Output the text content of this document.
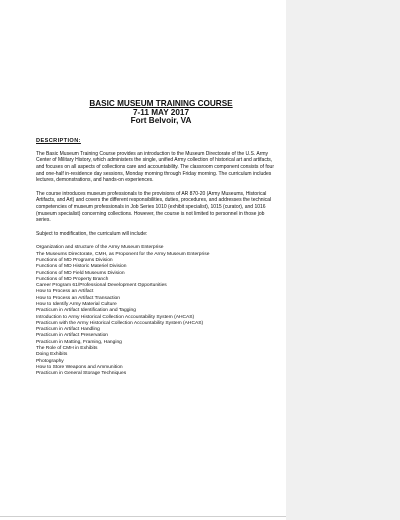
BASIC MUSEUM TRAINING COURSE
7-11 MAY 2017
Fort Belvoir, VA
DESCRIPTION:

The Basic Museum Training Course provides an introduction to the Museum Directorate of the U.S. Army Center of Military History, which administers the single, unified Army collection of historical art and artifacts, and focuses on all aspects of collections care and accountability. The classroom component consists of four and one-half in-residence day sessions, Monday morning through Friday morning. The curriculum includes lectures, demonstrations, and hands-on experiences.

The course introduces museum professionals to the provisions of AR 870-20 (Army Museums, Historical Artifacts, and Art) and covers the different responsibilities, duties, procedures, and addresses the technical competencies of museum professionals in Job Series 1010 (exhibit specialist), 1015 (curator), and 1016 (museum specialist) concerning collections. However, the course is not limited to personnel in those job series.

Subject to modification, the curriculum will include:

Organization and structure of the Army Museum Enterprise
The Museums Directorate, CMH, as Proponent for the Army Museum Enterprise
Functions of MD Programs Division
Functions of MD Historic Materiel Division
Functions of MD Field Museums Division
Functions of MD Property Branch
Career Program 61/Professional Development Opportunities
How to Process an Artifact
How to Process an Artifact Transaction
How to Identify Army Material Culture
Practicum in Artifact Identification and Tagging
Introduction to Army Historical Collection Accountability System (AHCAS)
Practicum with the Army Historical Collection Accountability System (AHCAS)
Practicum in Artifact Handling
Practicum in Artifact Preservation
Practicum in Matting, Framing, Hanging
The Role of CMH in Exhibits
Doing Exhibits
Photography
How to Store Weapons and Ammunition
Practicum in General Storage Techniques
